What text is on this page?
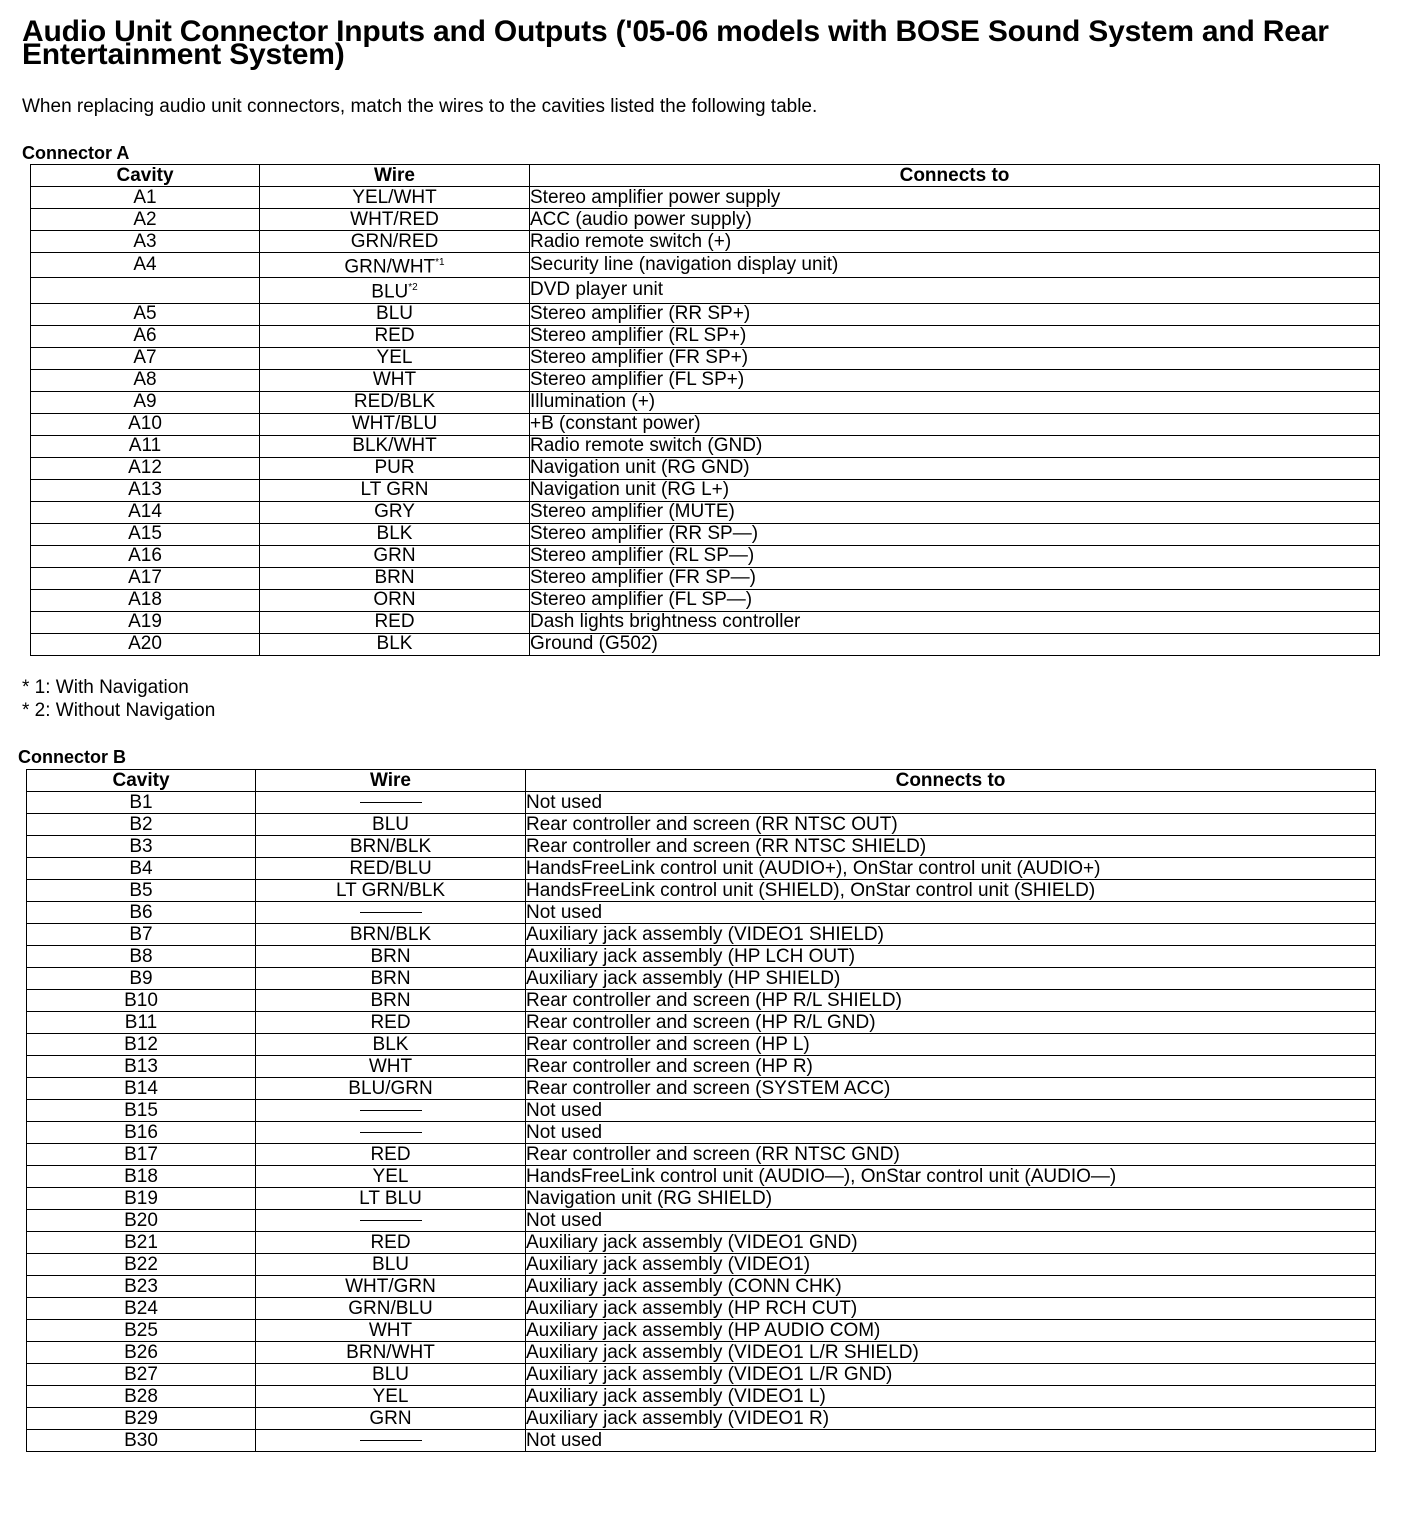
Audio Unit Connector Inputs and Outputs ('05-06 models with BOSE Sound System and Rear Entertainment System)
When replacing audio unit connectors, match the wires to the cavities listed the following table.
Connector A
Cavity	Wire	Connects to
A1	YEL/WHT	Stereo amplifier power supply
A2	WHT/RED	ACC (audio power supply)
A3	GRN/RED	Radio remote switch (+)
A4	GRN/WHT$^{*1}$	Security line (navigation display unit)
	BLU$^{*2}$	DVD player unit
A5	BLU	Stereo amplifier (RR SP+)
A6	RED	Stereo amplifier (RL SP+)
A7	YEL	Stereo amplifier (FR SP+)
A8	WHT	Stereo amplifier (FL SP+)
A9	RED/BLK	Illumination (+)
A10	WHT/BLU	+B (constant power)
A11	BLK/WHT	Radio remote switch (GND)
A12	PUR	Navigation unit (RG GND)
A13	LT GRN	Navigation unit (RG L+)
A14	GRY	Stereo amplifier (MUTE)
A15	BLK	Stereo amplifier (RR SP—)
A16	GRN	Stereo amplifier (RL SP—)
A17	BRN	Stereo amplifier (FR SP—)
A18	ORN	Stereo amplifier (FL SP—)
A19	RED	Dash lights brightness controller
A20	BLK	Ground (G502)
* 1: With Navigation
* 2: Without Navigation
Connector B
Cavity	Wire	Connects to
B1		Not used
B2	BLU	Rear controller and screen (RR NTSC OUT)
B3	BRN/BLK	Rear controller and screen (RR NTSC SHIELD)
B4	RED/BLU	HandsFreeLink control unit (AUDIO+), OnStar control unit (AUDIO+)
B5	LT GRN/BLK	HandsFreeLink control unit (SHIELD), OnStar control unit (SHIELD)
B6		Not used
B7	BRN/BLK	Auxiliary jack assembly (VIDEO1 SHIELD)
B8	BRN	Auxiliary jack assembly (HP LCH OUT)
B9	BRN	Auxiliary jack assembly (HP SHIELD)
B10	BRN	Rear controller and screen (HP R/L SHIELD)
B11	RED	Rear controller and screen (HP R/L GND)
B12	BLK	Rear controller and screen (HP L)
B13	WHT	Rear controller and screen (HP R)
B14	BLU/GRN	Rear controller and screen (SYSTEM ACC)
B15		Not used
B16		Not used
B17	RED	Rear controller and screen (RR NTSC GND)
B18	YEL	HandsFreeLink control unit (AUDIO—), OnStar control unit (AUDIO—)
B19	LT BLU	Navigation unit (RG SHIELD)
B20		Not used
B21	RED	Auxiliary jack assembly (VIDEO1 GND)
B22	BLU	Auxiliary jack assembly (VIDEO1)
B23	WHT/GRN	Auxiliary jack assembly (CONN CHK)
B24	GRN/BLU	Auxiliary jack assembly (HP RCH CUT)
B25	WHT	Auxiliary jack assembly (HP AUDIO COM)
B26	BRN/WHT	Auxiliary jack assembly (VIDEO1 L/R SHIELD)
B27	BLU	Auxiliary jack assembly (VIDEO1 L/R GND)
B28	YEL	Auxiliary jack assembly (VIDEO1 L)
B29	GRN	Auxiliary jack assembly (VIDEO1 R)
B30		Not used
